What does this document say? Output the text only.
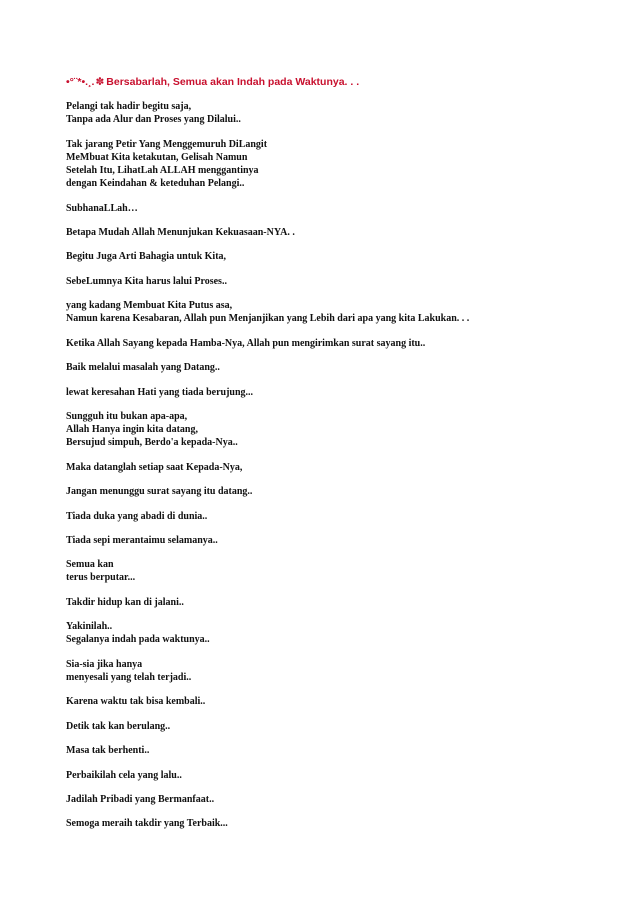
•°¨*•.¸.✽ Bersabarlah, Semua akan Indah pada Waktunya. . .
Pelangi tak hadir begitu saja,
Tanpa ada Alur dan Proses yang Dilalui..
Tak jarang Petir Yang Menggemuruh DiLangit
MeMbuat Kita ketakutan, Gelisah Namun
Setelah Itu, LihatLah ALLAH menggantinya
dengan Keindahan & keteduhan Pelangi..
SubhanaLLah…
Betapa Mudah Allah Menunjukan Kekuasaan-NYA. .
Begitu Juga Arti Bahagia untuk Kita,
SebeLumnya Kita harus lalui Proses..
yang kadang Membuat Kita Putus asa,
Namun karena Kesabaran, Allah pun Menjanjikan yang Lebih dari apa yang kita Lakukan. . .
Ketika Allah Sayang kepada Hamba-Nya, Allah pun mengirimkan surat sayang itu..
Baik melalui masalah yang Datang..
lewat keresahan Hati yang tiada berujung...
Sungguh itu bukan apa-apa,
Allah Hanya ingin kita datang,
Bersujud simpuh, Berdo'a kepada-Nya..
Maka datanglah setiap saat Kepada-Nya,
Jangan menunggu surat sayang itu datang..
Tiada duka yang abadi di dunia..
Tiada sepi merantaimu selamanya..
Semua kan
terus berputar...
Takdir hidup kan di jalani..
Yakinilah..
Segalanya indah pada waktunya..
Sia-sia jika hanya
menyesali yang telah terjadi..
Karena waktu tak bisa kembali..
Detik tak kan berulang..
Masa tak berhenti..
Perbaikilah cela yang lalu..
Jadilah Pribadi yang Bermanfaat..
Semoga meraih takdir yang Terbaik...
